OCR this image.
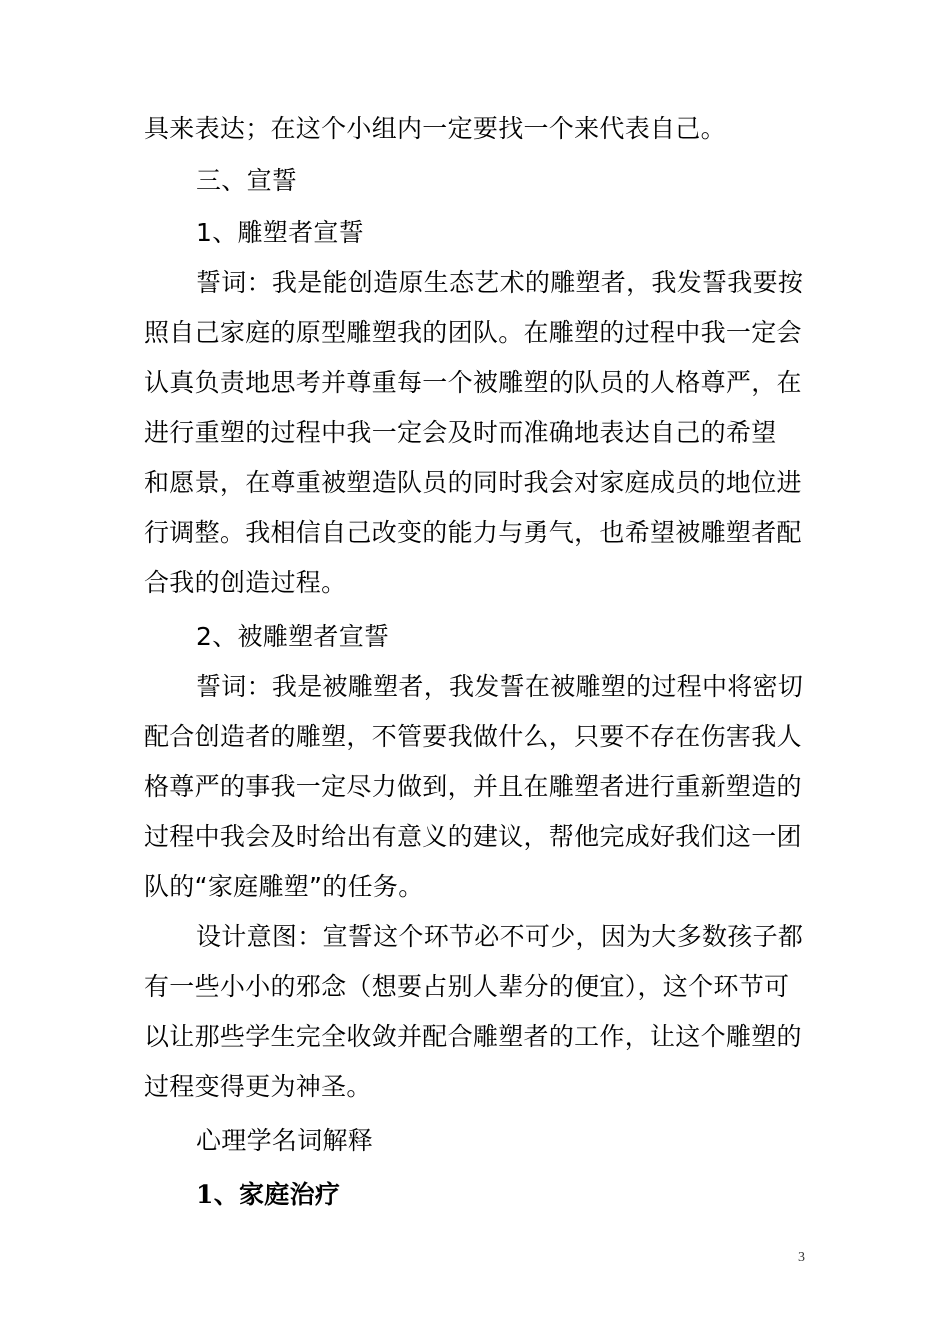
具来表达；在这个小组内一定要找一个来代表自己。
三、宣誓
1、雕塑者宣誓
誓词：我是能创造原生态艺术的雕塑者，我发誓我要按
照自己家庭的原型雕塑我的团队。在雕塑的过程中我一定会
认真负责地思考并尊重每一个被雕塑的队员的人格尊严，在
进行重塑的过程中我一定会及时而准确地表达自己的希望
和愿景，在尊重被塑造队员的同时我会对家庭成员的地位进
行调整。我相信自己改变的能力与勇气，也希望被雕塑者配
合我的创造过程。
2、被雕塑者宣誓
誓词：我是被雕塑者，我发誓在被雕塑的过程中将密切
配合创造者的雕塑，不管要我做什么，只要不存在伤害我人
格尊严的事我一定尽力做到，并且在雕塑者进行重新塑造的
过程中我会及时给出有意义的建议，帮他完成好我们这一团
队的“家庭雕塑”的任务。
设计意图：宣誓这个环节必不可少，因为大多数孩子都
有一些小小的邪念（想要占别人辈分的便宜），这个环节可
以让那些学生完全收敛并配合雕塑者的工作，让这个雕塑的
过程变得更为神圣。
心理学名词解释
1、家庭治疗
3
